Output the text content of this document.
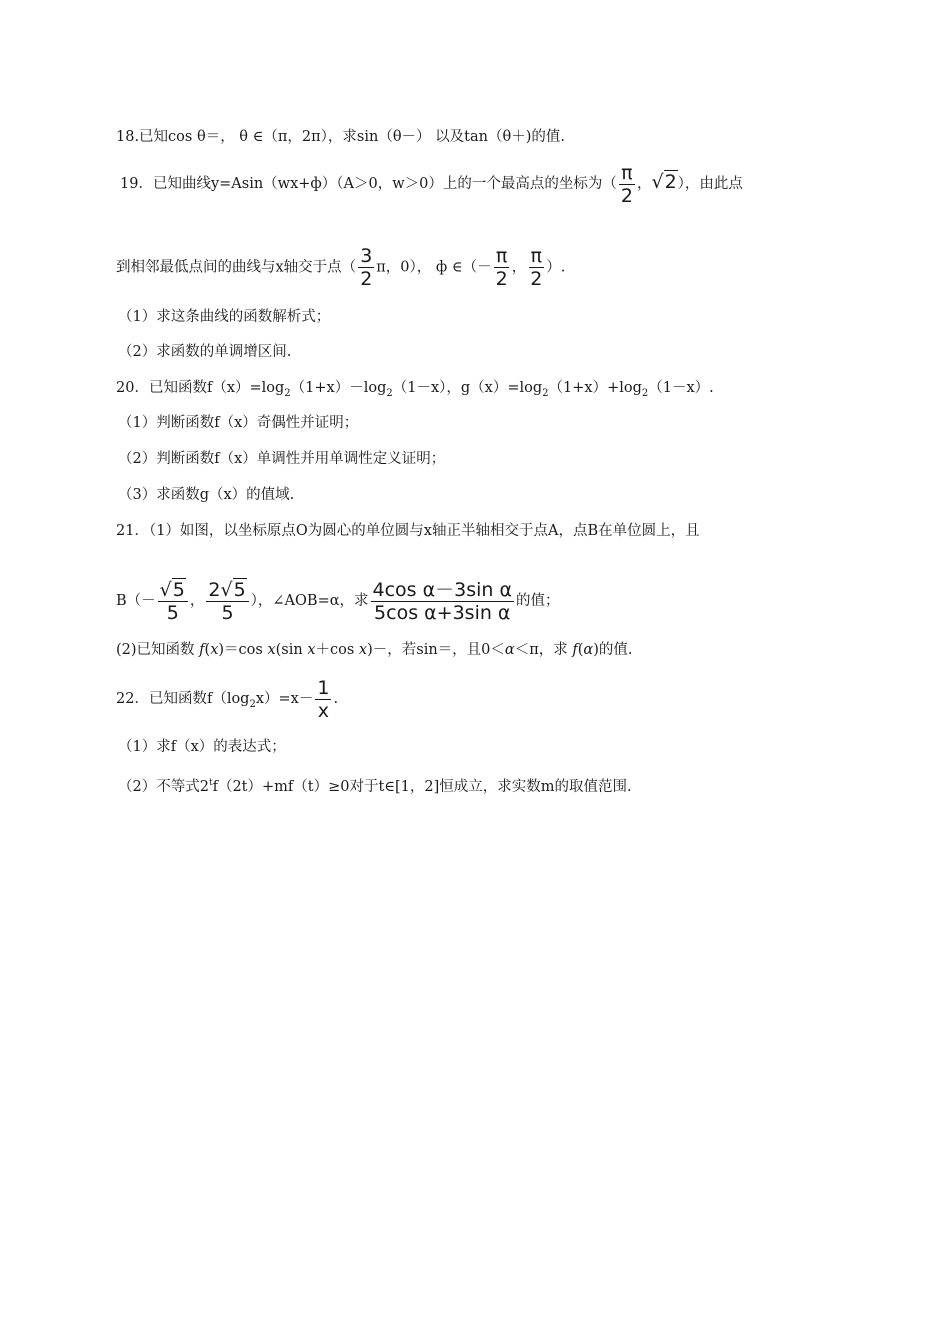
18.已知cos θ＝， θ ∈（π，2π），求sin（θ－） 以及tan（θ＋)的值.
19．已知曲线y=Asin（wx+ф）（A＞0，w＞0）上的一个最高点的坐标为（ $\frac{\pi}{2}$ ，√2），由此点
到相邻最低点间的曲线与x轴交于点（ $\frac{3}{2}$ π，0）， ф ∈（－ $\frac{\pi}{2}$ ， $\frac{\pi}{2}$ ）.
（1）求这条曲线的函数解析式；
（2）求函数的单调增区间.
20．已知函数$f(x)=\log_2(1+x)-\log_2(1-x)$，$g(x)=\log_2(1+x)+\log_2(1-x)$.
（1）判断函数f（x）奇偶性并证明；
（2）判断函数f（x）单调性并用单调性定义证明；
（3）求函数g（x）的值域.
21．（1）如图，以坐标原点O为圆心的单位圆与x轴正半轴相交于点A，点B在单位圆上，且
$B(- \frac{√5}{5}$ ， $\frac{2√5}{5}$ ），∠AOB=α，求 $\frac{\text{4cos α－3sin α}}{\text{5cos α+3sin α}}$ 的值；
(2)已知函数 f(x)＝cos x(sin x＋cos x)－，若sin＝，且0＜α＜π，求 f(α)的值.
22．已知函数$f(\log_2x)=x- \frac{1}{x}$ .
（1）求f（x）的表达式；
（2）不等式$2^tf(2t)+mf(t)\ge 0$对于t∈[1，2]恒成立，求实数m的取值范围.
